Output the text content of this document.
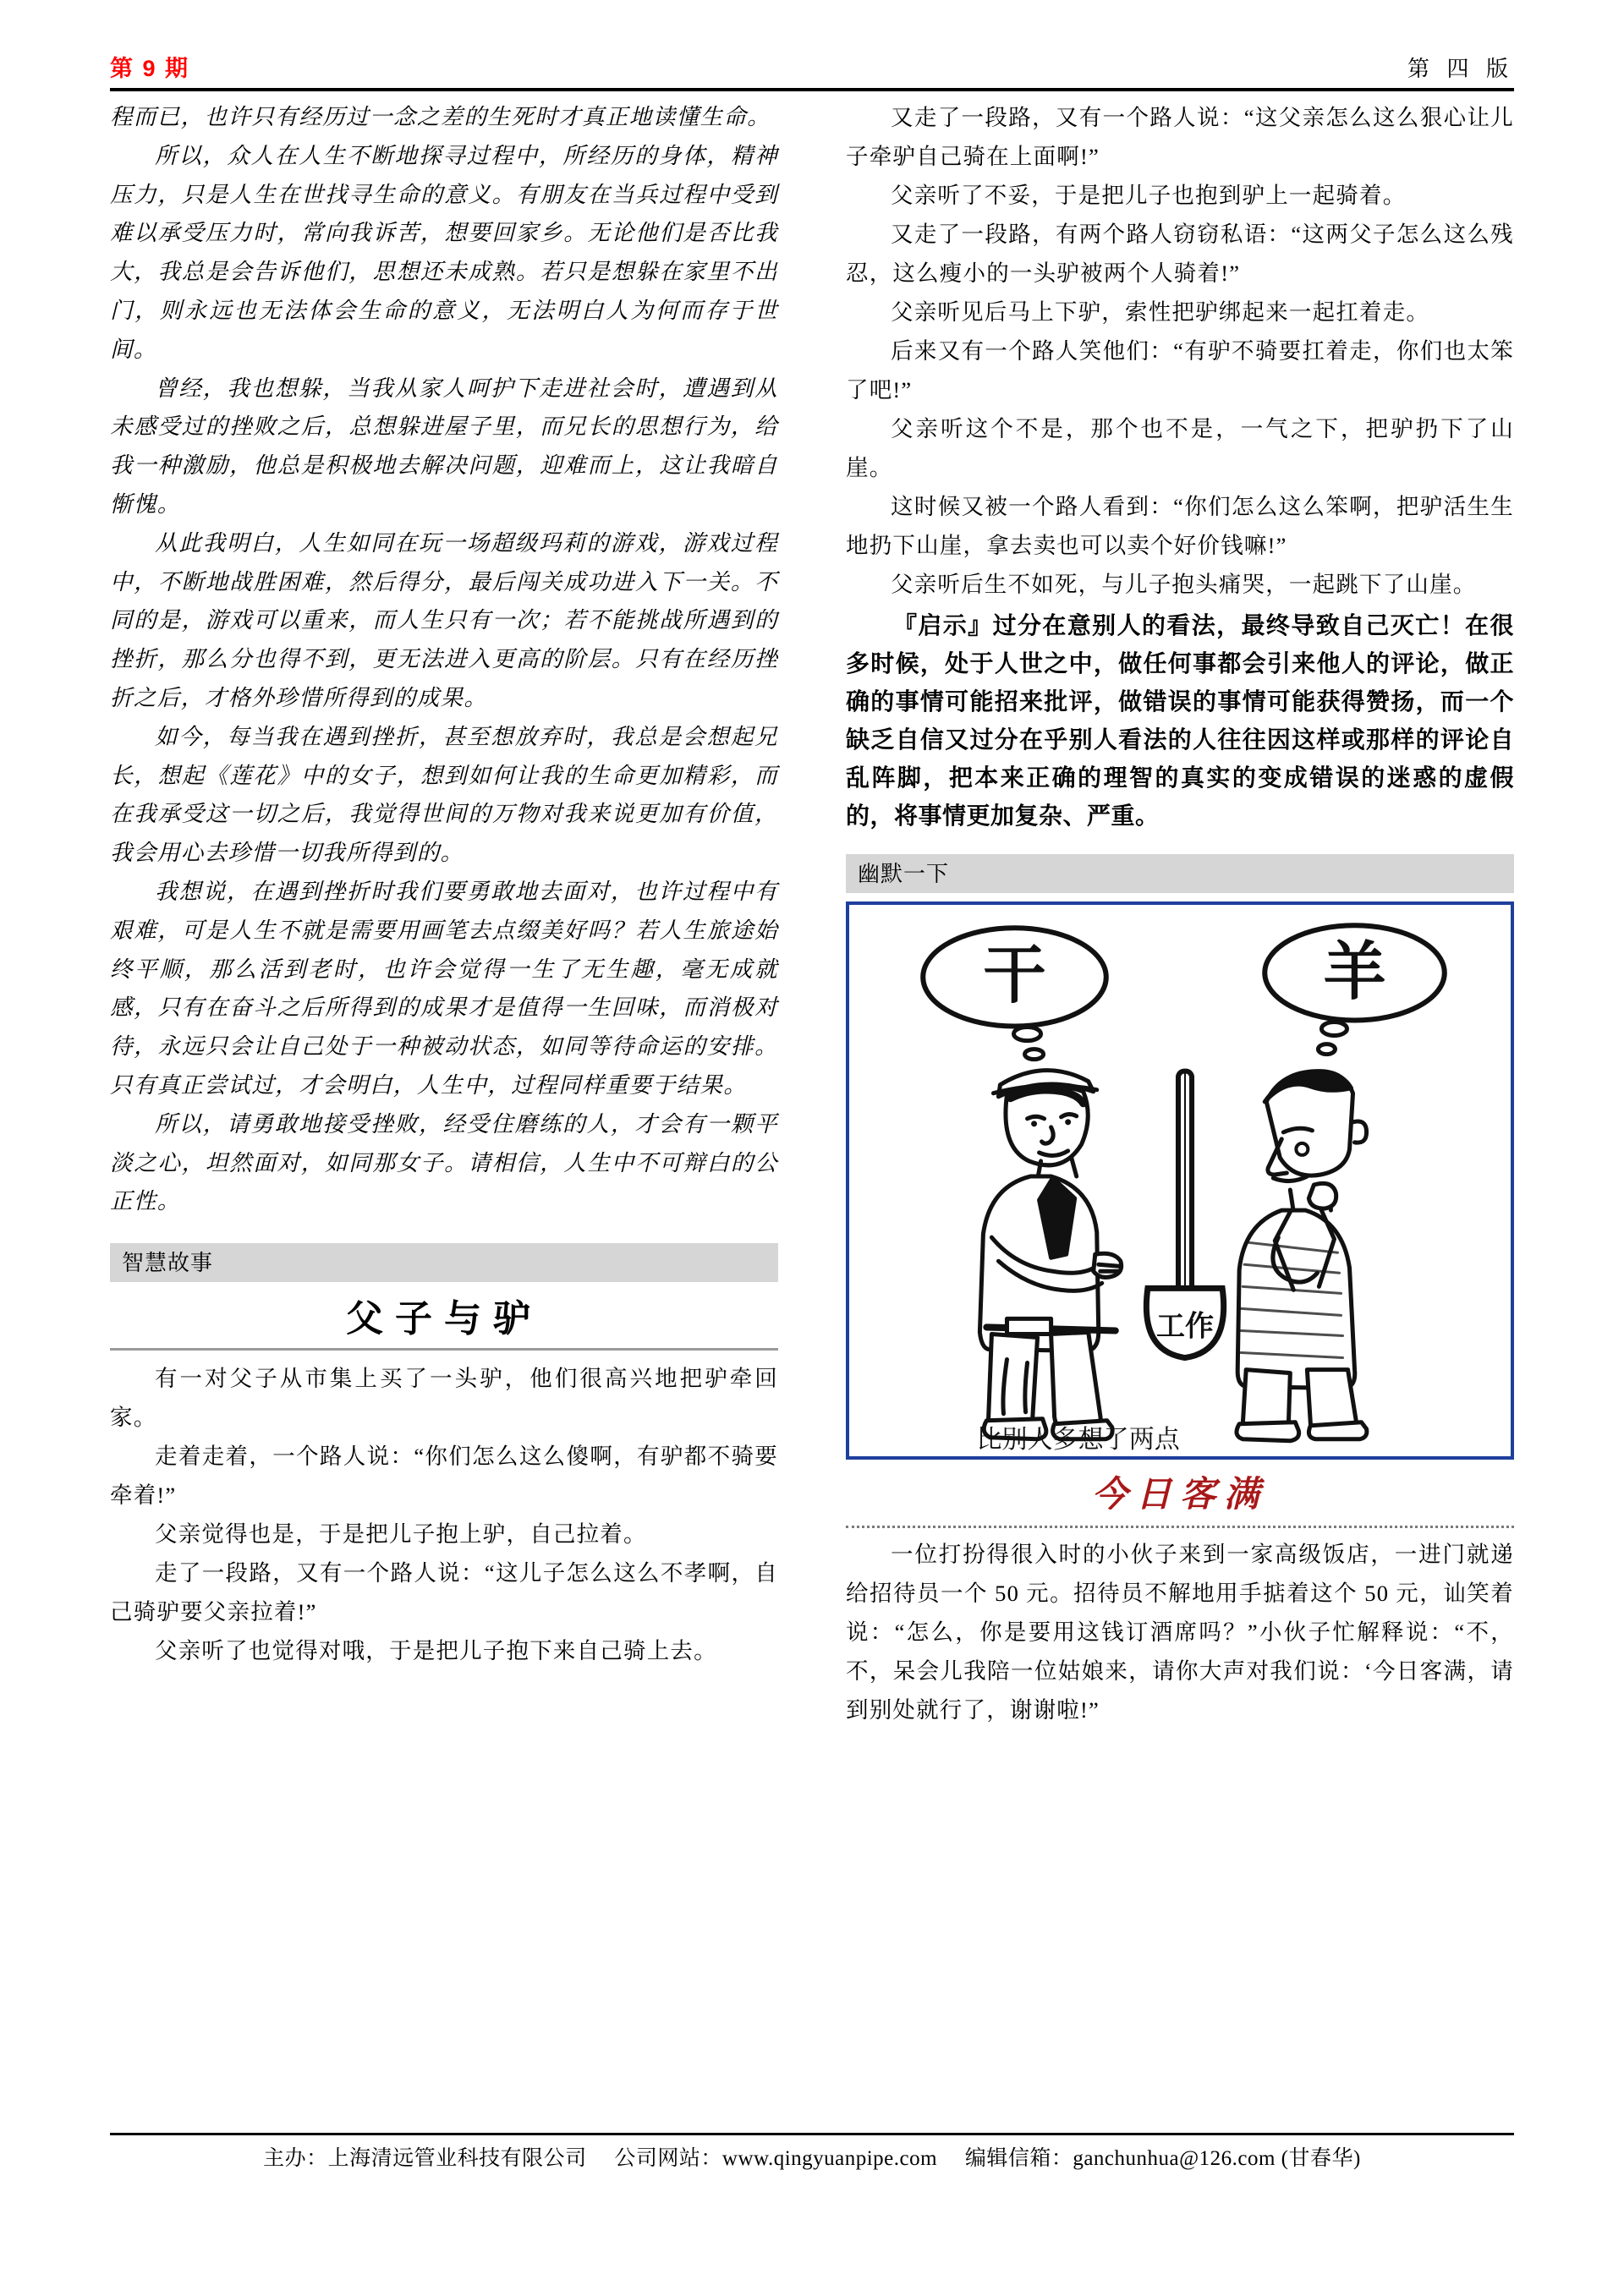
第 9 期	第 四 版

程而已，也许只有经历过一念之差的生死时才真正地读懂生命。

所以，众人在人生不断地探寻过程中，所经历的身体，精神压力，只是人生在世找寻生命的意义。有朋友在当兵过程中受到难以承受压力时，常向我诉苦，想要回家乡。无论他们是否比我大，我总是会告诉他们，思想还未成熟。若只是想躲在家里不出门，则永远也无法体会生命的意义，无法明白人为何而存于世间。

曾经，我也想躲，当我从家人呵护下走进社会时，遭遇到从未感受过的挫败之后，总想躲进屋子里，而兄长的思想行为，给我一种激励，他总是积极地去解决问题，迎难而上，这让我暗自惭愧。

从此我明白，人生如同在玩一场超级玛莉的游戏，游戏过程中，不断地战胜困难，然后得分，最后闯关成功进入下一关。不同的是，游戏可以重来，而人生只有一次；若不能挑战所遇到的挫折，那么分也得不到，更无法进入更高的阶层。只有在经历挫折之后，才格外珍惜所得到的成果。

如今，每当我在遇到挫折，甚至想放弃时，我总是会想起兄长，想起《莲花》中的女子，想到如何让我的生命更加精彩，而在我承受这一切之后，我觉得世间的万物对我来说更加有价值，我会用心去珍惜一切我所得到的。

我想说，在遇到挫折时我们要勇敢地去面对，也许过程中有艰难，可是人生不就是需要用画笔去点缀美好吗？若人生旅途始终平顺，那么活到老时，也许会觉得一生了无生趣，毫无成就感，只有在奋斗之后所得到的成果才是值得一生回味，而消极对待，永远只会让自己处于一种被动状态，如同等待命运的安排。只有真正尝试过，才会明白，人生中，过程同样重要于结果。

所以，请勇敢地接受挫败，经受住磨练的人，才会有一颗平淡之心，坦然面对，如同那女子。请相信，人生中不可辩白的公正性。

智慧故事
父子与驴

有一对父子从市集上买了一头驴，他们很高兴地把驴牵回家。

走着走着，一个路人说：“你们怎么这么傻啊，有驴都不骑要牵着!”

父亲觉得也是，于是把儿子抱上驴，自己拉着。

走了一段路，又有一个路人说：“这儿子怎么这么不孝啊，自己骑驴要父亲拉着!”

父亲听了也觉得对哦，于是把儿子抱下来自己骑上去。

又走了一段路，又有一个路人说：“这父亲怎么这么狠心让儿子牵驴自己骑在上面啊!”

父亲听了不妥，于是把儿子也抱到驴上一起骑着。

又走了一段路，有两个路人窃窃私语：“这两父子怎么这么残忍，这么瘦小的一头驴被两个人骑着!”

父亲听见后马上下驴，索性把驴绑起来一起扛着走。

后来又有一个路人笑他们：“有驴不骑要扛着走，你们也太笨了吧!”

父亲听这个不是，那个也不是，一气之下，把驴扔下了山崖。

这时候又被一个路人看到：“你们怎么这么笨啊，把驴活生生地扔下山崖，拿去卖也可以卖个好价钱嘛!”

父亲听后生不如死，与儿子抱头痛哭，一起跳下了山崖。

『启示』过分在意别人的看法，最终导致自己灭亡！在很多时候，处于人世之中，做任何事都会引来他人的评论，做正确的事情可能招来批评，做错误的事情可能获得赞扬，而一个缺乏自信又过分在乎别人看法的人往往因这样或那样的评论自乱阵脚，把本来正确的理智的真实的变成错误的迷惑的虚假的，将事情更加复杂、严重。
幽默一下
干
工作
羊
比别人多想了两点
今日客满

一位打扮得很入时的小伙子来到一家高级饭店，一进门就递给招待员一个 50 元。招待员不解地用手掂着这个 50 元，讪笑着说：“怎么，你是要用这钱订酒席吗？”小伙子忙解释说：“不，不，呆会儿我陪一位姑娘来，请你大声对我们说：‘今日客满，请到别处就行了，谢谢啦!”

主办：上海清远管业科技有限公司 公司网站：www.qingyuanpipe.com 编辑信箱：ganchunhua@126.com (甘春华)
